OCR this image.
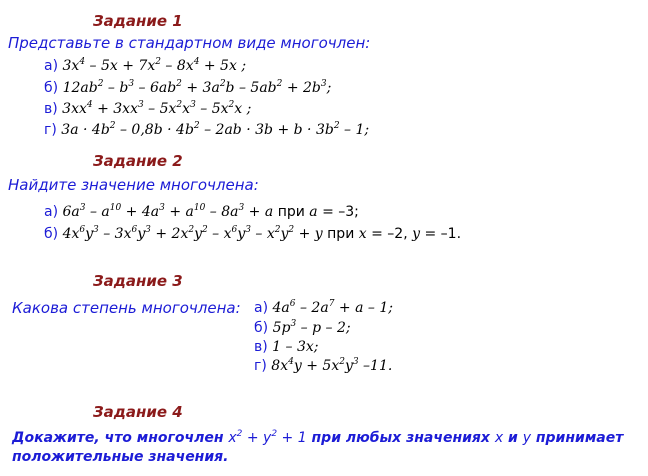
Задание 1
Представьте в стандартном виде многочлен:
а) $3x^4 - 5x + 7x^2 - 8x^4 + 5x$ ;
б) $12ab^2 - b^3 - 6ab^2 + 3a^2b - 5ab^2 + 2b^3$;
в) $3xx^4 + 3xx^3 - 5x^2x^3 - 5x^2x$ ;
г) $3a \cdot 4b^2 - 0,8b \cdot 4b^2 - 2ab \cdot 3b + b \cdot 3b^2 - 1$;
Задание 2
Найдите значение многочлена:
а) $6a^3 - a^{10} + 4a^3 + a^{10} - 8a^3 + a$ при a = –3;
б) $4x^6y^3 - 3x^6y^3 + 2x^2y^2 - x^6y^3 - x^2y^2 + y$ при x = –2, y = –1.
Задание 3
Какова степень многочлена: а) $4a^6 - 2a^7 + a - 1$;
б) $5p^3$ – p – 2;
в) 1 – 3x;
г) $8x^4y + 5x^2y^3$ –11.
Задание 4
Докажите, что многочлен $x^2 + y^2 + 1$ при любых значениях x и y принимает
положительные значения.
